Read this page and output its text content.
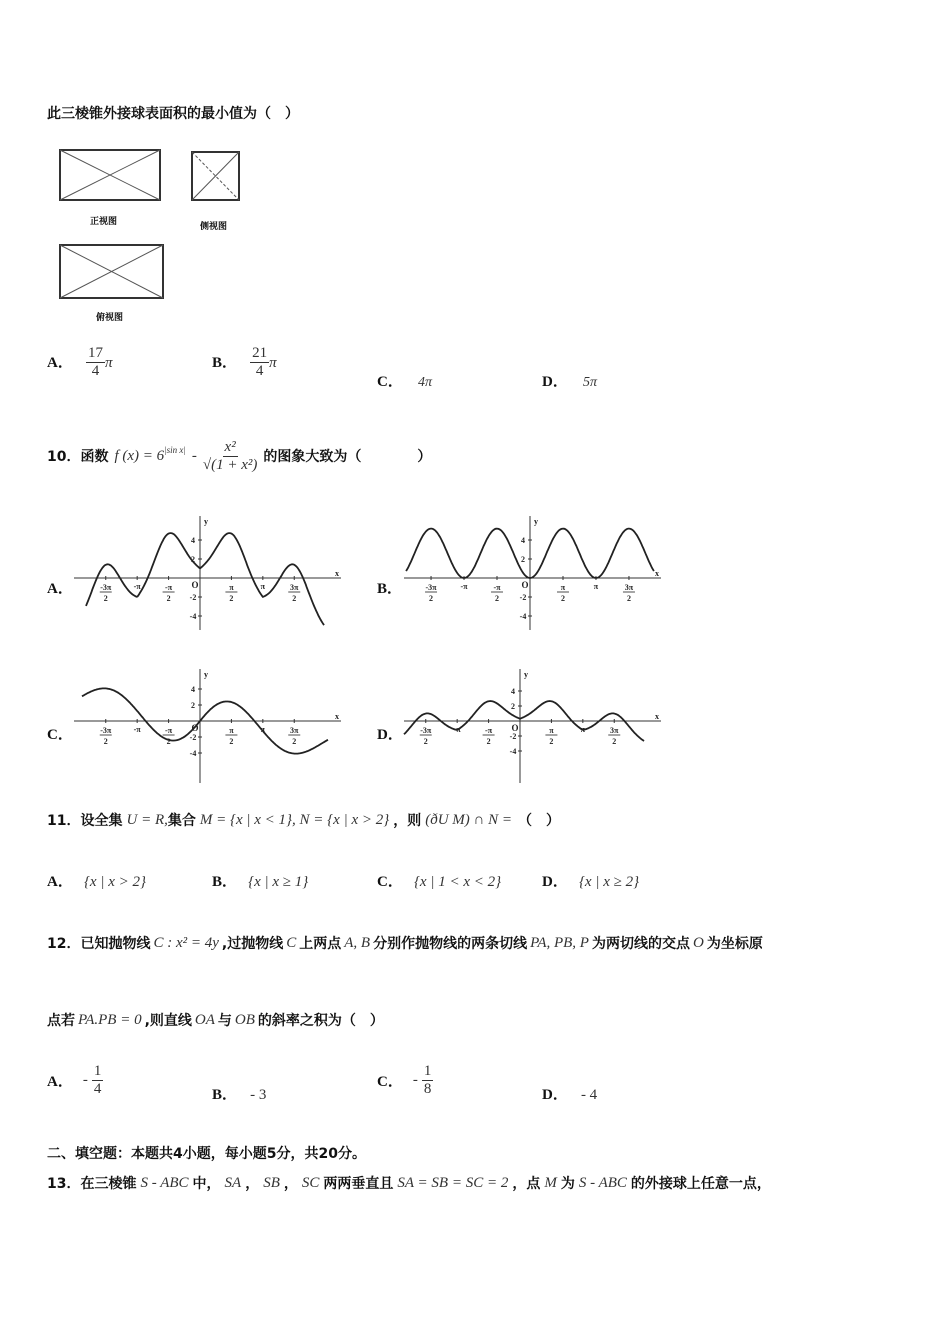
此三棱锥外接球表面积的最小值为（　）
正视图	侧视图
俯视图
A． $\frac{17}{4}$ π	B． $\frac{21}{4}$ π
C． 4π	D． 5π
10．函数 f $(x) = 6^{|sin x|} - \frac{\text{x²}}{\text{√(1 + x²)}}$ 的图象大致为（　　　　）
A．	B．
C．	D．
y
x
O
4
2
-2
-4
-3π
2
-π	-π
2
π
2
π	3π
2
y
x
O
4
2
-2
-4
-3π
2
-π	-π
2
π
2
π	3π
2
y
x
O
4
2
-2
-4
-3π
2
-π	-π
2
π
2
π	3π
2
y
x
O
4
2
-2
-4
-3π
2
-π	-π
2
π
2
π	3π
2
11．设全集 U = R, 集合 M = {x | x < 1}, N = {x | x > 2} ，则 (ðU M) ∩ N = （　）
A． {x | x > 2}	B． {x | x ≥ 1}	C． {x | 1 < x < 2}	D． {x | x ≥ 2}
12．已知抛物线 C : x² = 4y ,过抛物线 C 上两点 A, B 分别作抛物线的两条切线 PA, PB, P 为两切线的交点 O 为坐标原
点若 PA.PB = 0 ,则直线 OA 与 OB 的斜率之积为（　）
A． - $\frac{1}{4}$	B． - 3
C． - $\frac{1}{8}$	D． - 4
二、填空题：本题共4小题，每小题5分，共20分。
13．在三棱锥 S - ABC 中， SA ， SB ， SC 两两垂直且 SA = SB = SC = 2 ，点 M 为 S - ABC 的外接球上任意一点，
